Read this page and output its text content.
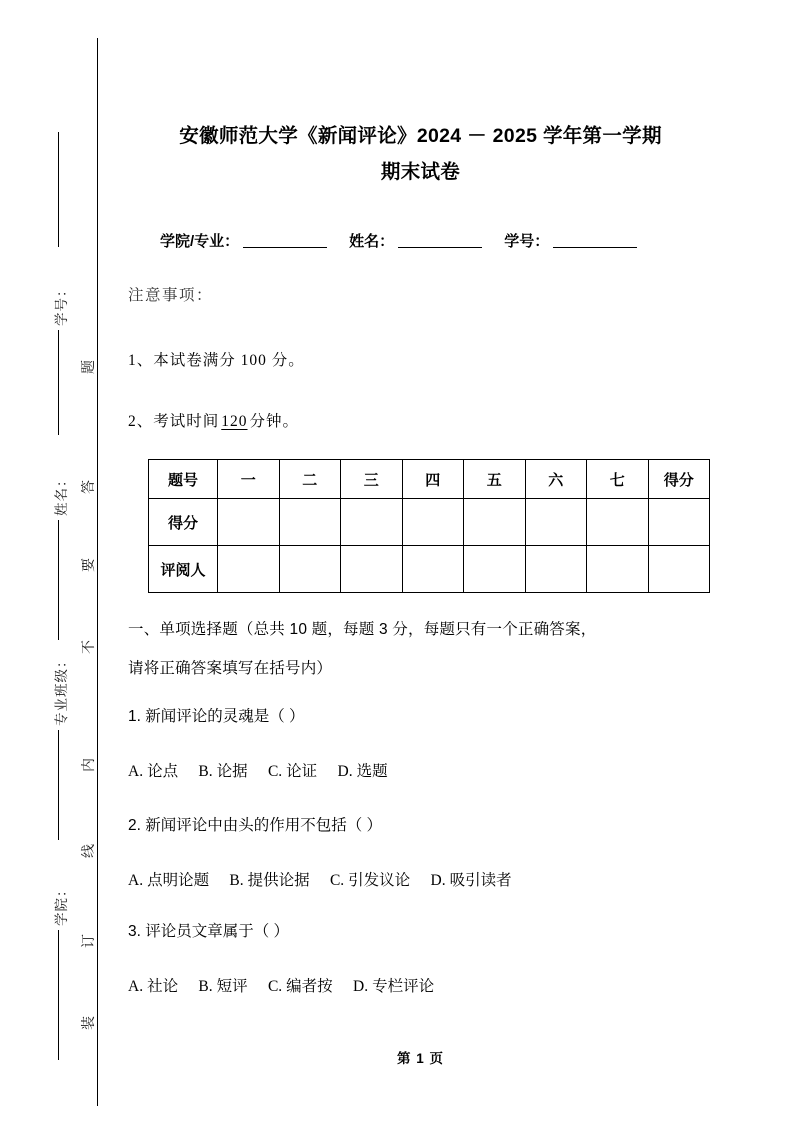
学号：
姓名：
专业班级：
学院：
题
答
要
不
内
线
订
装
安徽师范大学《新闻评论》2024 － 2025 学年第一学期
期末试卷
学院/专业：	姓名：	学号：
注意事项：
1、本试卷满分 100 分。
2、考试时间 120 分钟。
题号	一	二	三	四	五	六	七	得分
得分								
评阅人								
一、单项选择题（总共 10 题，每题 3 分，每题只有一个正确答案，
请将正确答案填写在括号内）
1. 新闻评论的灵魂是（ ）
A. 论点 B. 论据 C. 论证 D. 选题
2. 新闻评论中由头的作用不包括（ ）
A. 点明论题 B. 提供论据 C. 引发议论 D. 吸引读者
3. 评论员文章属于（ ）
A. 社论 B. 短评 C. 编者按 D. 专栏评论
第 1 页
